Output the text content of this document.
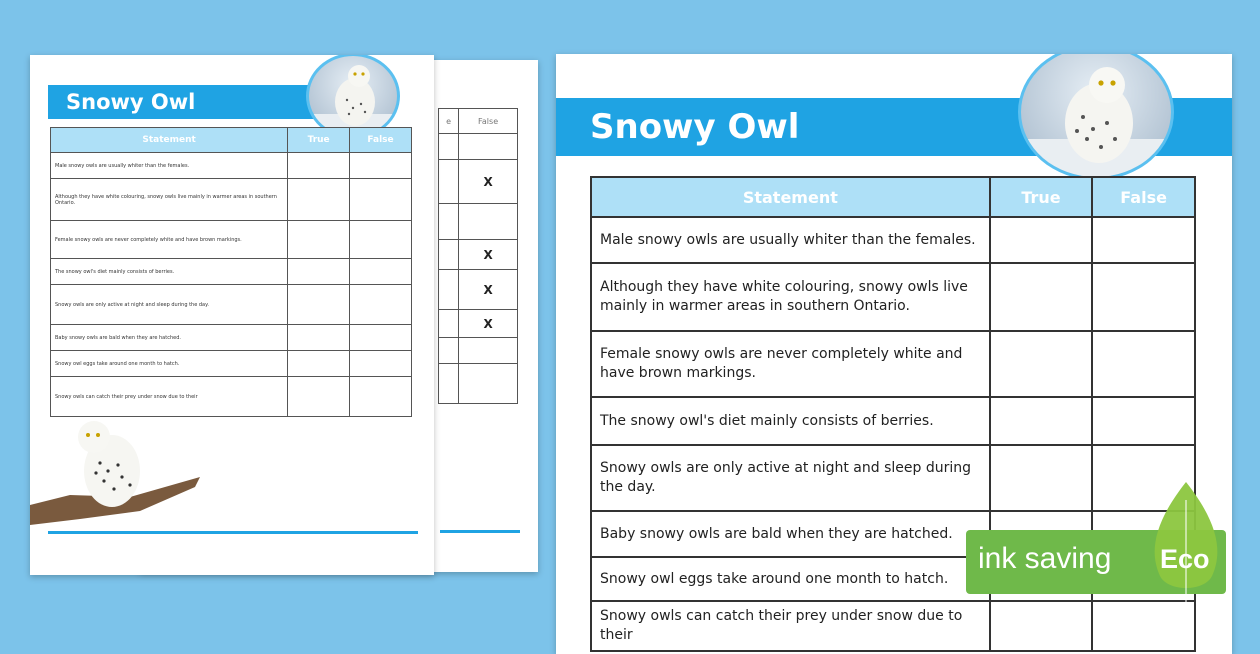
e	False

	X

	X
	X
	X

Snowy Owl
Statement	True	False
Male snowy owls are usually whiter than the females.		
Although they have white colouring, snowy owls live mainly in warmer areas in southern Ontario.		
Female snowy owls are never completely white and have brown markings.		
The snowy owl's diet mainly consists of berries.		
Snowy owls are only active at night and sleep during the day.		
Baby snowy owls are bald when they are hatched.		
Snowy owl eggs take around one month to hatch.		
Snowy owls can catch their prey under snow due to their		
Snowy Owl
Statement	True	False
Male snowy owls are usually whiter than the females.		
Although they have white colouring, snowy owls live mainly in warmer areas in southern Ontario.		
Female snowy owls are never completely white and have brown markings.		
The snowy owl's diet mainly consists of berries.		
Snowy owls are only active at night and sleep during the day.		
Baby snowy owls are bald when they are hatched.		
Snowy owl eggs take around one month to hatch.		
Snowy owls can catch their prey under snow due to their		
ink saving Eco
